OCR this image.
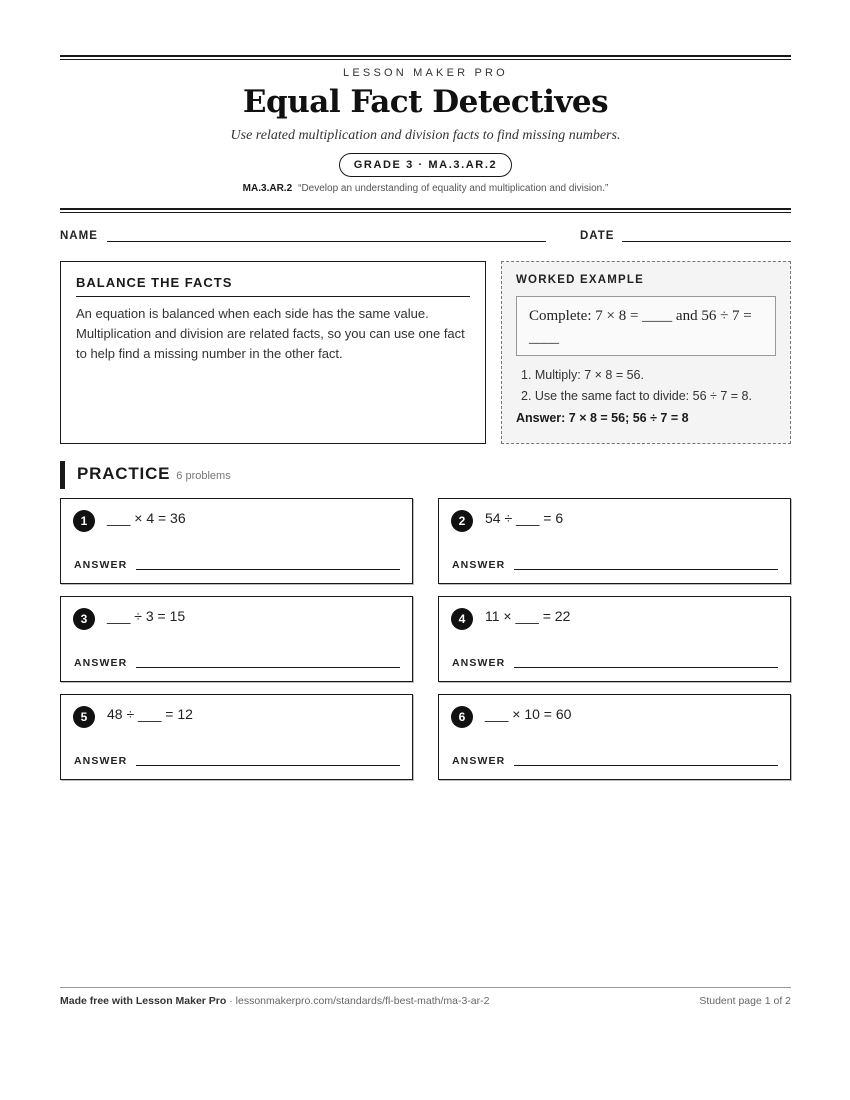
LESSON MAKER PRO
Equal Fact Detectives
Use related multiplication and division facts to find missing numbers.
GRADE 3 · MA.3.AR.2
MA.3.AR.2 “Develop an understanding of equality and multiplication and division.”
NAME	DATE
BALANCE THE FACTS
An equation is balanced when each side has the same value. Multiplication and division are related facts, so you can use one fact to help find a missing number in the other fact.
WORKED EXAMPLE
Complete: 7 × 8 = ____ and 56 ÷ 7 = ____
1. Multiply: 7 × 8 = 56.
2. Use the same fact to divide: 56 ÷ 7 = 8.
Answer: 7 × 8 = 56; 56 ÷ 7 = 8
PRACTICE 6 problems
1	___ × 4 = 36
ANSWER
2	54 ÷ ___ = 6
ANSWER
3	___ ÷ 3 = 15
ANSWER
4	11 × ___ = 22
ANSWER
5	48 ÷ ___ = 12
ANSWER
6	___ × 10 = 60
ANSWER
Made free with Lesson Maker Pro · lessonmakerpro.com/standards/fl-best-math/ma-3-ar-2	Student page 1 of 2
